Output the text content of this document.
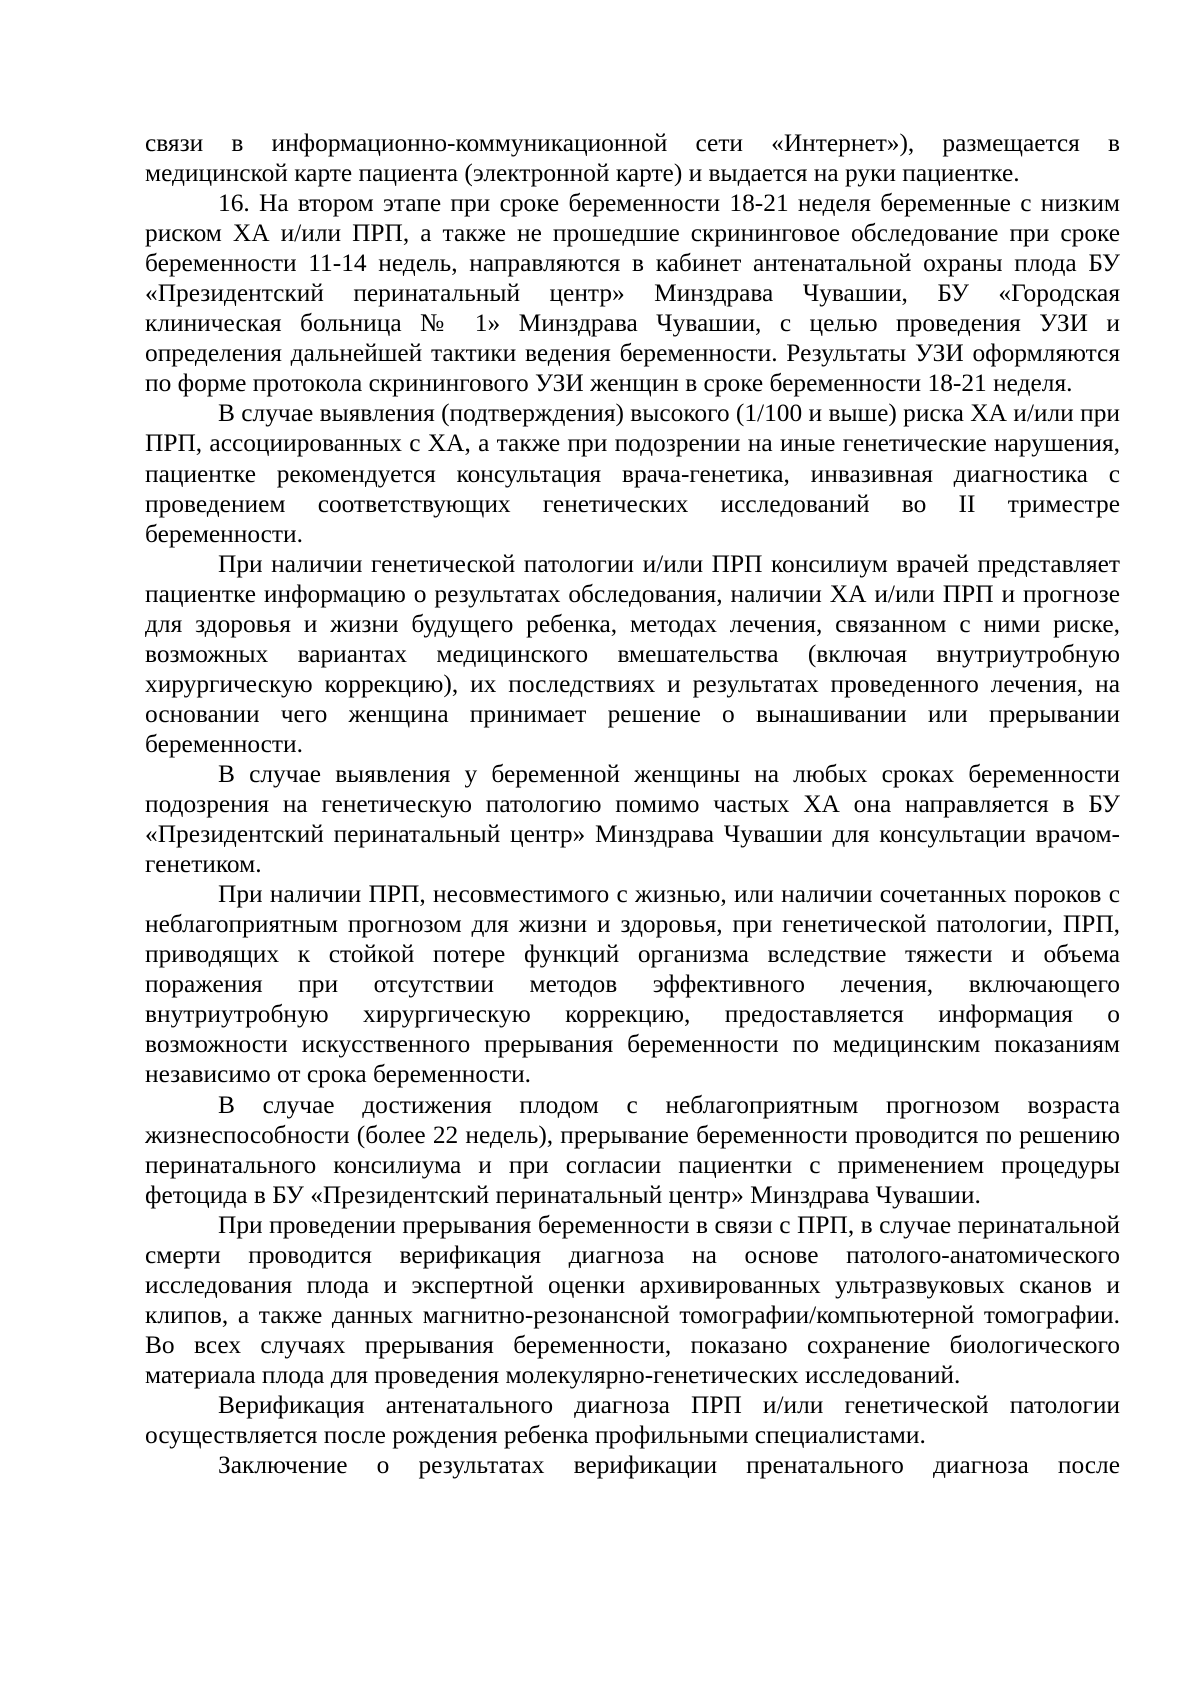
связи в информационно-коммуникационной сети «Интернет»), размещается в медицинской карте пациента (электронной карте) и выдается на руки пациентке.

16. На втором этапе при сроке беременности 18-21 неделя беременные с низким риском ХА и/или ПРП, а также не прошедшие скрининговое обследование при сроке беременности 11-14 недель, направляются в кабинет антенатальной охраны плода БУ «Президентский перинатальный центр» Минздрава Чувашии, БУ «Городская клиническая больница № 1» Минздрава Чувашии, с целью проведения УЗИ и определения дальнейшей тактики ведения беременности. Результаты УЗИ оформляются по форме протокола скринингового УЗИ женщин в сроке беременности 18-21 неделя.

В случае выявления (подтверждения) высокого (1/100 и выше) риска ХА и/или при ПРП, ассоциированных с ХА, а также при подозрении на иные генетические нарушения, пациентке рекомендуется консультация врача-генетика, инвазивная диагностика с проведением соответствующих генетических исследований во II триместре беременности.

При наличии генетической патологии и/или ПРП консилиум врачей представляет пациентке информацию о результатах обследования, наличии ХА и/или ПРП и прогнозе для здоровья и жизни будущего ребенка, методах лечения, связанном с ними риске, возможных вариантах медицинского вмешательства (включая внутриутробную хирургическую коррекцию), их последствиях и результатах проведенного лечения, на основании чего женщина принимает решение о вынашивании или прерывании беременности.

В случае выявления у беременной женщины на любых сроках беременности подозрения на генетическую патологию помимо частых ХА она направляется в БУ «Президентский перинатальный центр» Минздрава Чувашии для консультации врачом-генетиком.

При наличии ПРП, несовместимого с жизнью, или наличии сочетанных пороков с неблагоприятным прогнозом для жизни и здоровья, при генетической патологии, ПРП, приводящих к стойкой потере функций организма вследствие тяжести и объема поражения при отсутствии методов эффективного лечения, включающего внутриутробную хирургическую коррекцию, предоставляется информация о возможности искусственного прерывания беременности по медицинским показаниям независимо от срока беременности.

В случае достижения плодом с неблагоприятным прогнозом возраста жизнеспособности (более 22 недель), прерывание беременности проводится по решению перинатального консилиума и при согласии пациентки с применением процедуры фетоцида в БУ «Президентский перинатальный центр» Минздрава Чувашии.

При проведении прерывания беременности в связи с ПРП, в случае перинатальной смерти проводится верификация диагноза на основе патолого-анатомического исследования плода и экспертной оценки архивированных ультразвуковых сканов и клипов, а также данных магнитно-резонансной томографии/компьютерной томографии. Во всех случаях прерывания беременности, показано сохранение биологического материала плода для проведения молекулярно-генетических исследований.

Верификация антенатального диагноза ПРП и/или генетической патологии осуществляется после рождения ребенка профильными специалистами.

Заключение о результатах верификации пренатального диагноза после
